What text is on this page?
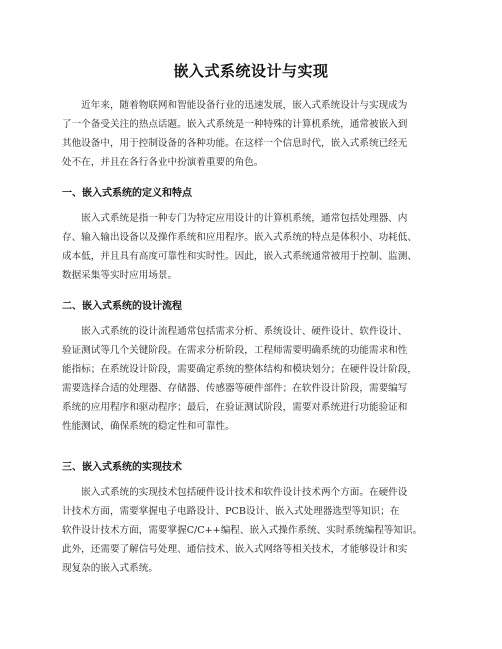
嵌入式系统设计与实现
　　近年来，随着物联网和智能设备行业的迅速发展，嵌入式系统设计与实现成为
了一个备受关注的热点话题。嵌入式系统是一种特殊的计算机系统，通常被嵌入到
其他设备中，用于控制设备的各种功能。在这样一个信息时代，嵌入式系统已经无
处不在，并且在各行各业中扮演着重要的角色。
一、嵌入式系统的定义和特点
　　嵌入式系统是指一种专门为特定应用设计的计算机系统，通常包括处理器、内
存、输入输出设备以及操作系统和应用程序。嵌入式系统的特点是体积小、功耗低、
成本低，并且具有高度可靠性和实时性。因此，嵌入式系统通常被用于控制、监测、
数据采集等实时应用场景。
二、嵌入式系统的设计流程
　　嵌入式系统的设计流程通常包括需求分析、系统设计、硬件设计、软件设计、
验证测试等几个关键阶段。在需求分析阶段，工程师需要明确系统的功能需求和性
能指标；在系统设计阶段，需要确定系统的整体结构和模块划分；在硬件设计阶段，
需要选择合适的处理器、存储器、传感器等硬件部件；在软件设计阶段，需要编写
系统的应用程序和驱动程序；最后，在验证测试阶段，需要对系统进行功能验证和
性能测试，确保系统的稳定性和可靠性。
三、嵌入式系统的实现技术
　　嵌入式系统的实现技术包括硬件设计技术和软件设计技术两个方面。在硬件设
计技术方面，需要掌握电子电路设计、PCB设计、嵌入式处理器选型等知识；在
软件设计技术方面，需要掌握C/C++编程、嵌入式操作系统、实时系统编程等知识。
此外，还需要了解信号处理、通信技术、嵌入式网络等相关技术，才能够设计和实
现复杂的嵌入式系统。
